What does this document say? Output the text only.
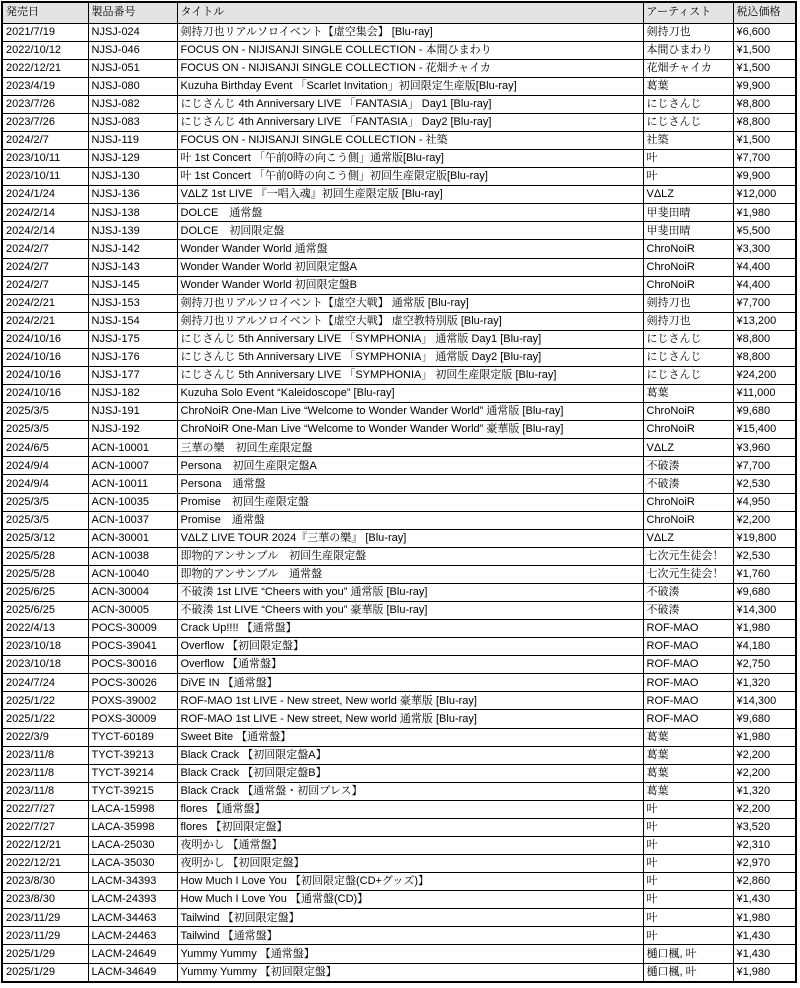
発売日	製品番号	タイトル	アーティスト	税込価格
2021/7/19	NJSJ-024	剣持刀也リアルソロイベント【虚空集会】 [Blu-ray]	剣持刀也	¥6,600
2022/10/12	NJSJ-046	FOCUS ON - NIJISANJI SINGLE COLLECTION - 本間ひまわり	本間ひまわり	¥1,500
2022/12/21	NJSJ-051	FOCUS ON - NIJISANJI SINGLE COLLECTION - 花畑チャイカ	花畑チャイカ	¥1,500
2023/4/19	NJSJ-080	Kuzuha Birthday Event 「Scarlet Invitation」初回限定生産版[Blu-ray]	葛葉	¥9,900
2023/7/26	NJSJ-082	にじさんじ 4th Anniversary LIVE 「FANTASIA」 Day1 [Blu-ray]	にじさんじ	¥8,800
2023/7/26	NJSJ-083	にじさんじ 4th Anniversary LIVE 「FANTASIA」 Day2 [Blu-ray]	にじさんじ	¥8,800
2024/2/7	NJSJ-119	FOCUS ON - NIJISANJI SINGLE COLLECTION - 社築	社築	¥1,500
2023/10/11	NJSJ-129	叶 1st Concert 「午前0時の向こう側」通常版[Blu-ray]	叶	¥7,700
2023/10/11	NJSJ-130	叶 1st Concert 「午前0時の向こう側」初回生産限定版[Blu-ray]	叶	¥9,900
2024/1/24	NJSJ-136	VΔLZ 1st LIVE 『一唱入魂』初回生産限定版 [Blu-ray]	VΔLZ	¥12,000
2024/2/14	NJSJ-138	DOLCE　通常盤	甲斐田晴	¥1,980
2024/2/14	NJSJ-139	DOLCE　初回限定盤	甲斐田晴	¥5,500
2024/2/7	NJSJ-142	Wonder Wander World 通常盤	ChroNoiR	¥3,300
2024/2/7	NJSJ-143	Wonder Wander World 初回限定盤A	ChroNoiR	¥4,400
2024/2/7	NJSJ-145	Wonder Wander World 初回限定盤B	ChroNoiR	¥4,400
2024/2/21	NJSJ-153	剣持刀也リアルソロイベント【虚空大戦】 通常版 [Blu-ray]	剣持刀也	¥7,700
2024/2/21	NJSJ-154	剣持刀也リアルソロイベント【虚空大戦】 虚空教特別版 [Blu-ray]	剣持刀也	¥13,200
2024/10/16	NJSJ-175	にじさんじ 5th Anniversary LIVE 「SYMPHONIA」 通常版 Day1 [Blu-ray]	にじさんじ	¥8,800
2024/10/16	NJSJ-176	にじさんじ 5th Anniversary LIVE 「SYMPHONIA」 通常版 Day2 [Blu-ray]	にじさんじ	¥8,800
2024/10/16	NJSJ-177	にじさんじ 5th Anniversary LIVE 「SYMPHONIA」 初回生産限定版 [Blu-ray]	にじさんじ	¥24,200
2024/10/16	NJSJ-182	Kuzuha Solo Event “Kaleidoscope” [Blu-ray]	葛葉	¥11,000
2025/3/5	NJSJ-191	ChroNoiR One-Man Live “Welcome to Wonder Wander World” 通常版 [Blu-ray]	ChroNoiR	¥9,680
2025/3/5	NJSJ-192	ChroNoiR One-Man Live “Welcome to Wonder Wander World” 豪華版 [Blu-ray]	ChroNoiR	¥15,400
2024/6/5	ACN-10001	三華の樂　初回生産限定盤	VΔLZ	¥3,960
2024/9/4	ACN-10007	Persona　初回生産限定盤A	不破湊	¥7,700
2024/9/4	ACN-10011	Persona　通常盤	不破湊	¥2,530
2025/3/5	ACN-10035	Promise　初回生産限定盤	ChroNoiR	¥4,950
2025/3/5	ACN-10037	Promise　通常盤	ChroNoiR	¥2,200
2025/3/12	ACN-30001	VΔLZ LIVE TOUR 2024『三華の樂』 [Blu-ray]	VΔLZ	¥19,800
2025/5/28	ACN-10038	即物的アンサンブル　初回生産限定盤	七次元生徒会！	¥2,530
2025/5/28	ACN-10040	即物的アンサンブル　通常盤	七次元生徒会！	¥1,760
2025/6/25	ACN-30004	不破湊 1st LIVE “Cheers with you” 通常版 [Blu-ray]	不破湊	¥9,680
2025/6/25	ACN-30005	不破湊 1st LIVE “Cheers with you” 豪華版 [Blu-ray]	不破湊	¥14,300
2022/4/13	POCS-30009	Crack Up!!!! 【通常盤】	ROF-MAO	¥1,980
2023/10/18	POCS-39041	Overflow 【初回限定盤】	ROF-MAO	¥4,180
2023/10/18	POCS-30016	Overflow 【通常盤】	ROF-MAO	¥2,750
2024/7/24	POCS-30026	DiVE IN 【通常盤】	ROF-MAO	¥1,320
2025/1/22	POXS-39002	ROF-MAO 1st LIVE - New street, New world 豪華版 [Blu-ray]	ROF-MAO	¥14,300
2025/1/22	POXS-30009	ROF-MAO 1st LIVE - New street, New world 通常版 [Blu-ray]	ROF-MAO	¥9,680
2022/3/9	TYCT-60189	Sweet Bite 【通常盤】	葛葉	¥1,980
2023/11/8	TYCT-39213	Black Crack 【初回限定盤A】	葛葉	¥2,200
2023/11/8	TYCT-39214	Black Crack 【初回限定盤B】	葛葉	¥2,200
2023/11/8	TYCT-39215	Black Crack 【通常盤・初回プレス】	葛葉	¥1,320
2022/7/27	LACA-15998	flores 【通常盤】	叶	¥2,200
2022/7/27	LACA-35998	flores 【初回限定盤】	叶	¥3,520
2022/12/21	LACA-25030	夜明かし 【通常盤】	叶	¥2,310
2022/12/21	LACA-35030	夜明かし 【初回限定盤】	叶	¥2,970
2023/8/30	LACM-34393	How Much I Love You 【初回限定盤(CD+グッズ)】	叶	¥2,860
2023/8/30	LACM-24393	How Much I Love You 【通常盤(CD)】	叶	¥1,430
2023/11/29	LACM-34463	Tailwind 【初回限定盤】	叶	¥1,980
2023/11/29	LACM-24463	Tailwind 【通常盤】	叶	¥1,430
2025/1/29	LACM-24649	Yummy Yummy 【通常盤】	樋口楓, 叶	¥1,430
2025/1/29	LACM-34649	Yummy Yummy 【初回限定盤】	樋口楓, 叶	¥1,980
